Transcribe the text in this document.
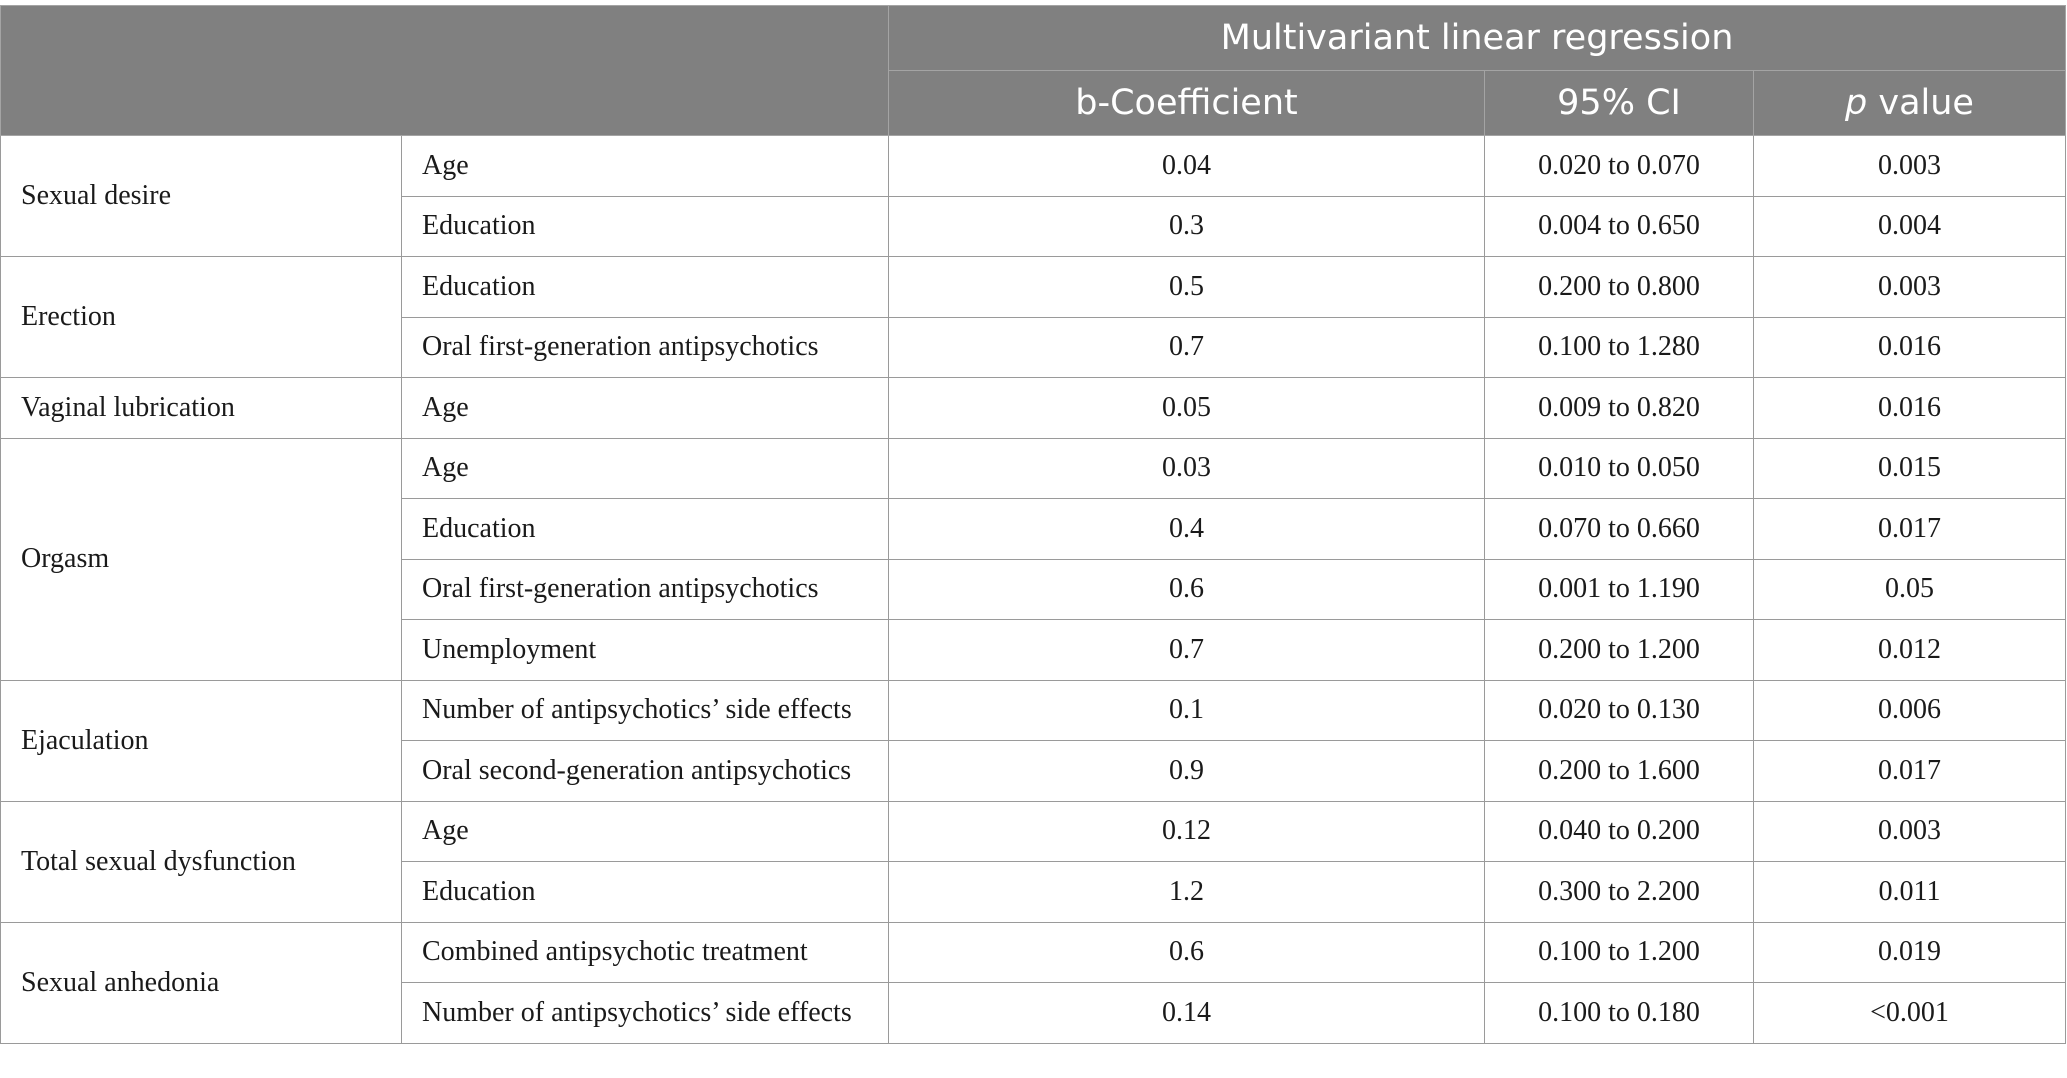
		Multivariant linear regression		
		b-Coefficient	95% CI	p value
Sexual desire	Age	0.04	0.020 to 0.070	0.003
	Education	0.3	0.004 to 0.650	0.004
Erection	Education	0.5	0.200 to 0.800	0.003
	Oral first-generation antipsychotics	0.7	0.100 to 1.280	0.016
Vaginal lubrication	Age	0.05	0.009 to 0.820	0.016
Orgasm	Age	0.03	0.010 to 0.050	0.015
	Education	0.4	0.070 to 0.660	0.017
	Oral first-generation antipsychotics	0.6	0.001 to 1.190	0.05
	Unemployment	0.7	0.200 to 1.200	0.012
Ejaculation	Number of antipsychotics’ side effects	0.1	0.020 to 0.130	0.006
	Oral second-generation antipsychotics	0.9	0.200 to 1.600	0.017
Total sexual dysfunction	Age	0.12	0.040 to 0.200	0.003
	Education	1.2	0.300 to 2.200	0.011
Sexual anhedonia	Combined antipsychotic treatment	0.6	0.100 to 1.200	0.019
	Number of antipsychotics’ side effects	0.14	0.100 to 0.180	<0.001
